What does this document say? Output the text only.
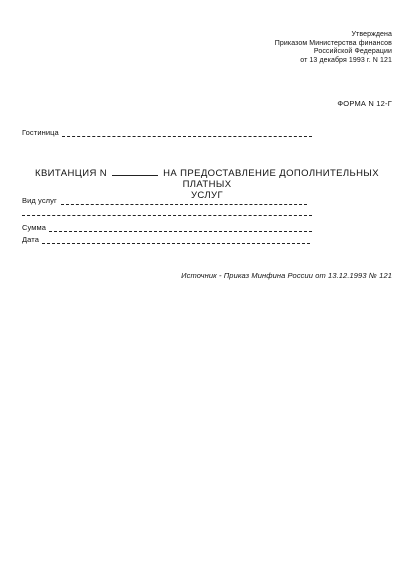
Утверждена
Приказом Министерства финансов
Российской Федерации
от 13 декабря 1993 г. N 121
ФОРМА N 12-Г
Гостиница
КВИТАНЦИЯ N	НА ПРЕДОСТАВЛЕНИЕ ДОПОЛНИТЕЛЬНЫХ ПЛАТНЫХ
УСЛУГ
Вид услуг
Сумма
Дата
Источник - Приказ Минфина России от 13.12.1993 № 121
